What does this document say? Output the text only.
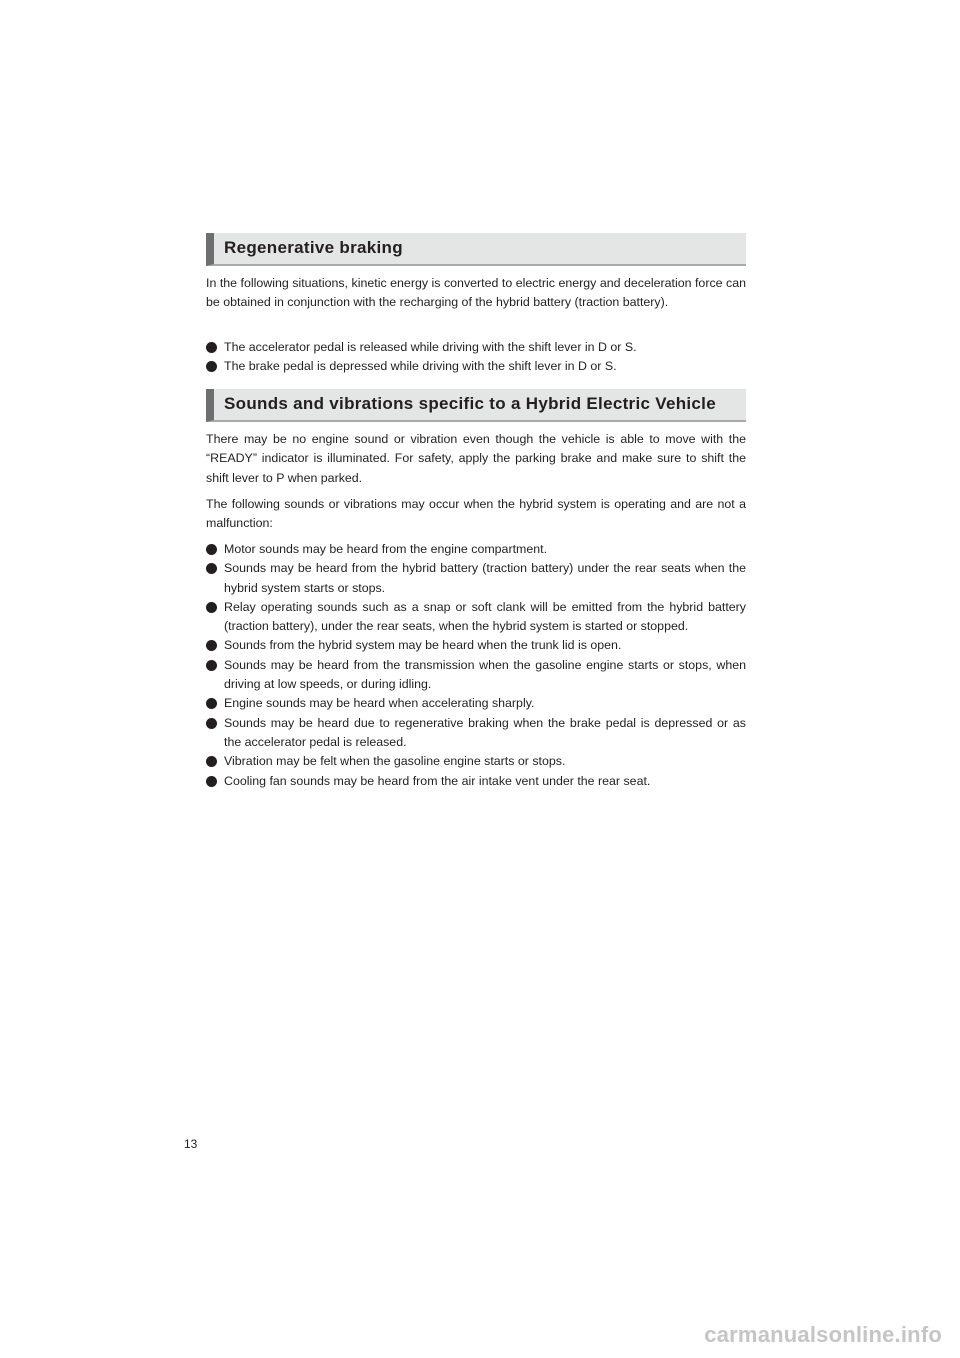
Regenerative braking

In the following situations, kinetic energy is converted to electric energy and deceleration force can be obtained in conjunction with the recharging of the hybrid battery (traction battery).

The accelerator pedal is released while driving with the shift lever in D or S.
The brake pedal is depressed while driving with the shift lever in D or S.
Sounds and vibrations specific to a Hybrid Electric Vehicle

There may be no engine sound or vibration even though the vehicle is able to move with the “READY” indicator is illuminated. For safety, apply the parking brake and make sure to shift the shift lever to P when parked.

The following sounds or vibrations may occur when the hybrid system is operating and are not a malfunction:

Motor sounds may be heard from the engine compartment.
Sounds may be heard from the hybrid battery (traction battery) under the rear seats when the hybrid system starts or stops.
Relay operating sounds such as a snap or soft clank will be emitted from the hybrid battery (traction battery), under the rear seats, when the hybrid system is started or stopped.
Sounds from the hybrid system may be heard when the trunk lid is open.
Sounds may be heard from the transmission when the gasoline engine starts or stops, when driving at low speeds, or during idling.
Engine sounds may be heard when accelerating sharply.
Sounds may be heard due to regenerative braking when the brake pedal is depressed or as the accelerator pedal is released.
Vibration may be felt when the gasoline engine starts or stops.
Cooling fan sounds may be heard from the air intake vent under the rear seat.
13
carmanualsonline.info
